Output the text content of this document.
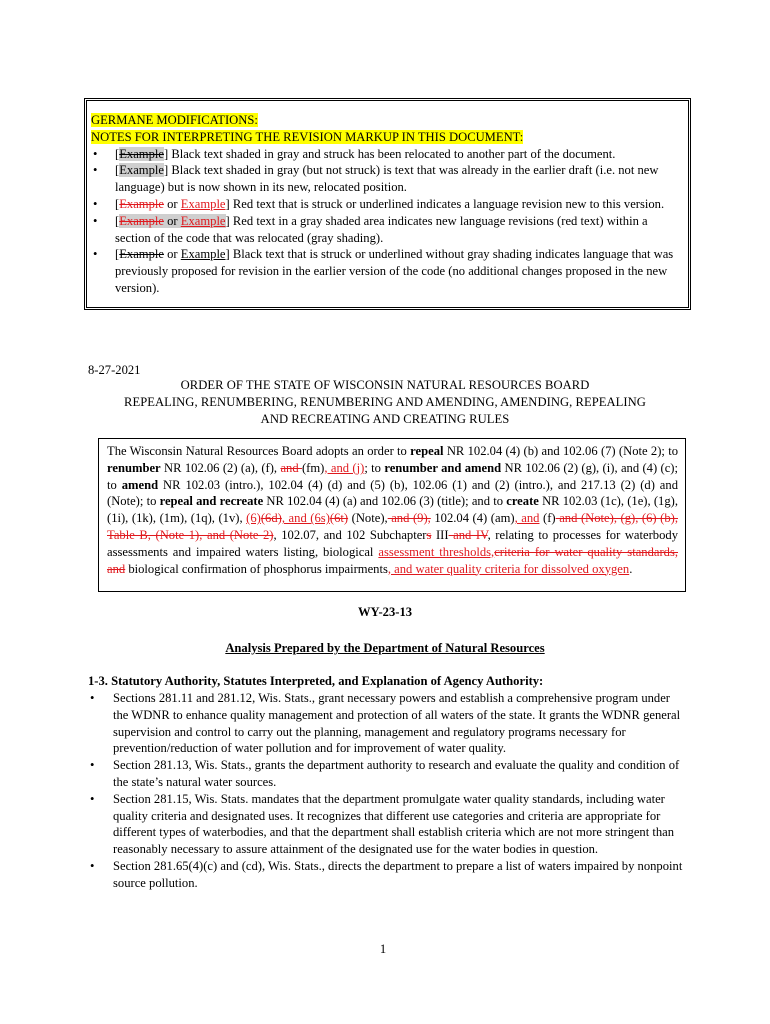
GERMANE MODIFICATIONS:
NOTES FOR INTERPRETING THE REVISION MARKUP IN THIS DOCUMENT:
• [Example] Black text shaded in gray and struck has been relocated to another part of the document.
• [Example] Black text shaded in gray (but not struck) is text that was already in the earlier draft (i.e. not new language) but is now shown in its new, relocated position.
• [Example or Example] Red text that is struck or underlined indicates a language revision new to this version.
• [Example or Example] Red text in a gray shaded area indicates new language revisions (red text) within a section of the code that was relocated (gray shading).
• [Example or Example] Black text that is struck or underlined without gray shading indicates language that was previously proposed for revision in the earlier version of the code (no additional changes proposed in the new version).
8-27-2021
ORDER OF THE STATE OF WISCONSIN NATURAL RESOURCES BOARD
REPEALING, RENUMBERING, RENUMBERING AND AMENDING, AMENDING, REPEALING
AND RECREATING AND CREATING RULES
The Wisconsin Natural Resources Board adopts an order to repeal NR 102.04 (4) (b) and 102.06 (7) (Note 2); to renumber NR 102.06 (2) (a), (f), and (fm), and (j); to renumber and amend NR 102.06 (2) (g), (i), and (4) (c); to amend NR 102.03 (intro.), 102.04 (4) (d) and (5) (b), 102.06 (1) and (2) (intro.), and 217.13 (2) (d) and (Note); to repeal and recreate NR 102.04 (4) (a) and 102.06 (3) (title); and to create NR 102.03 (1c), (1e), (1g), (1i), (1k), (1m), (1q), (1v), (6)(6d), and (6s)(6t) (Note), and (9), 102.04 (4) (am), and (f) and (Note), (g), (6) (b), Table B, (Note 1), and (Note 2), 102.07, and 102 Subchapters III and IV, relating to processes for waterbody assessments and impaired waters listing, biological assessment thresholds,criteria for water quality standards, and biological confirmation of phosphorus impairments, and water quality criteria for dissolved oxygen.
WY-23-13
Analysis Prepared by the Department of Natural Resources
1-3. Statutory Authority, Statutes Interpreted, and Explanation of Agency Authority:
• Sections 281.11 and 281.12, Wis. Stats., grant necessary powers and establish a comprehensive program under the WDNR to enhance quality management and protection of all waters of the state. It grants the WDNR general supervision and control to carry out the planning, management and regulatory programs necessary for prevention/reduction of water pollution and for improvement of water quality.
• Section 281.13, Wis. Stats., grants the department authority to research and evaluate the quality and condition of the state’s natural water sources.
• Section 281.15, Wis. Stats. mandates that the department promulgate water quality standards, including water quality criteria and designated uses. It recognizes that different use categories and criteria are appropriate for different types of waterbodies, and that the department shall establish criteria which are not more stringent than reasonably necessary to assure attainment of the designated use for the water bodies in question.
• Section 281.65(4)(c) and (cd), Wis. Stats., directs the department to prepare a list of waters impaired by nonpoint source pollution.
1
